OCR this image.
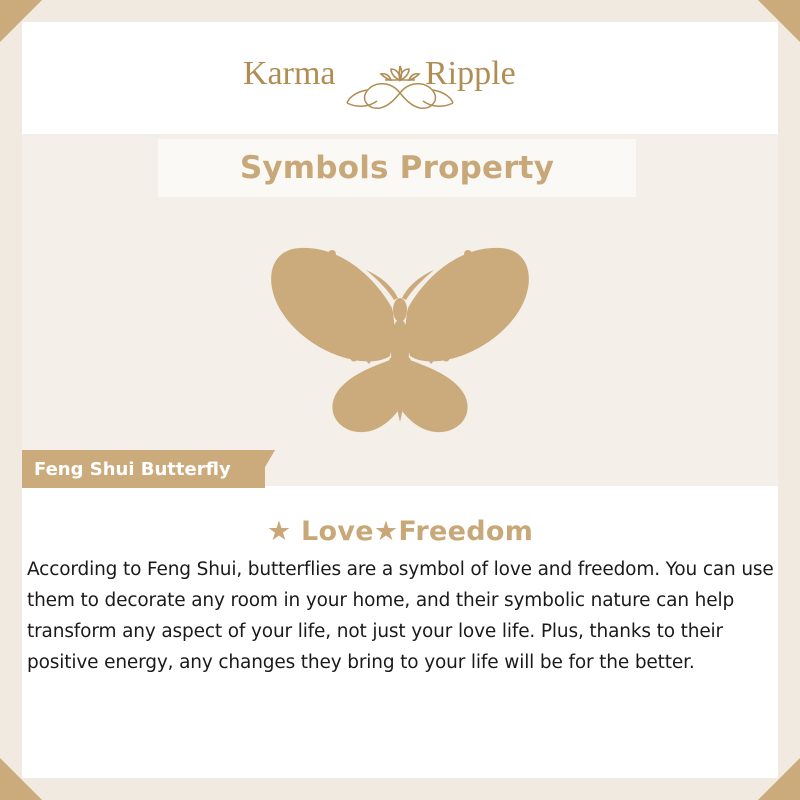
Karma	Ripple
Symbols Property
Feng Shui Butterfly
★ Love★Freedom
According to Feng Shui, butterflies are a symbol of love and freedom. You can use them to decorate any room in your home, and their symbolic nature can help transform any aspect of your life, not just your love life. Plus, thanks to their positive energy, any changes they bring to your life will be for the better.
